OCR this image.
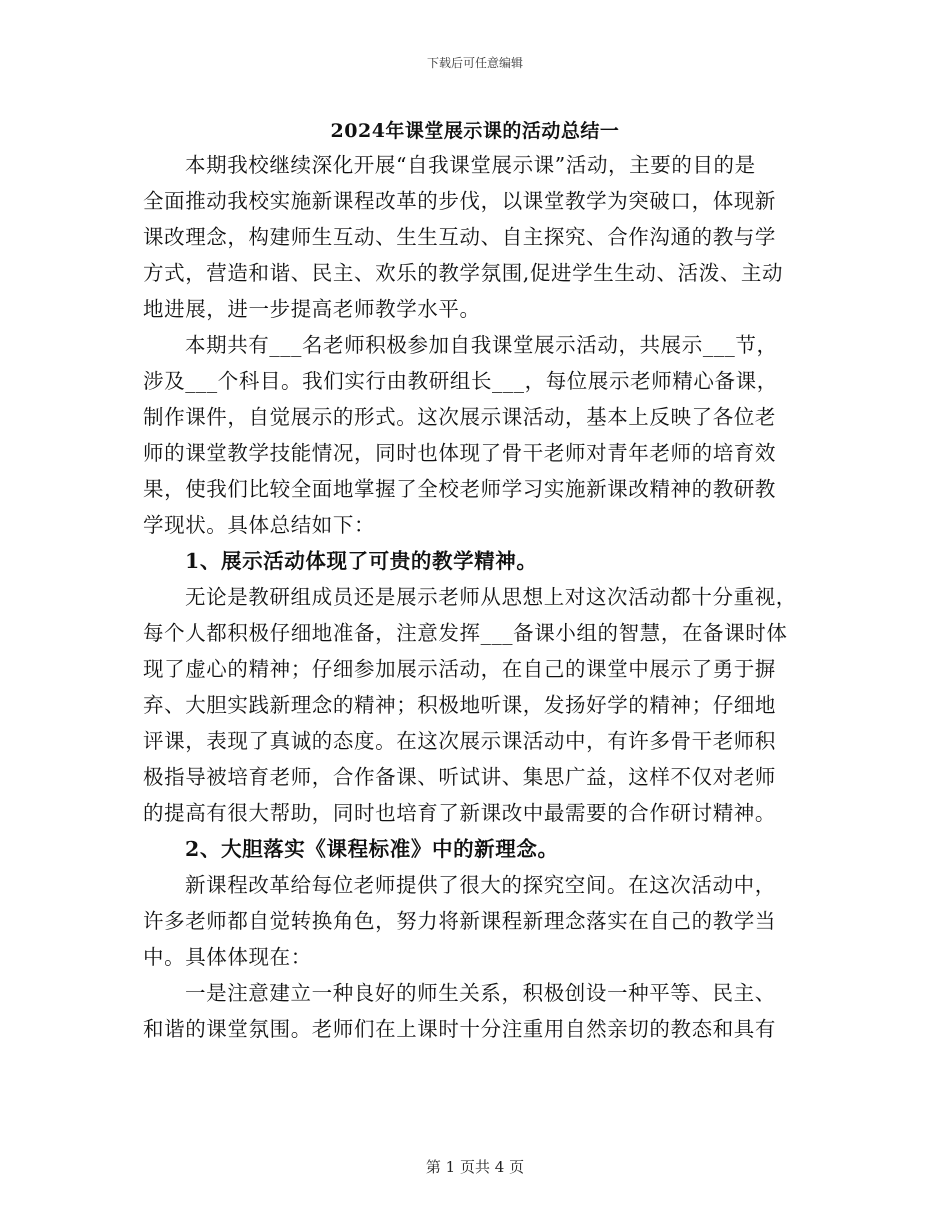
下载后可任意编辑
2024年课堂展示课的活动总结一
本期我校继续深化开展“自我课堂展示课”活动，主要的目的是
全面推动我校实施新课程改革的步伐，以课堂教学为突破口，体现新
课改理念，构建师生互动、生生互动、自主探究、合作沟通的教与学
方式，营造和谐、民主、欢乐的教学氛围,促进学生生动、活泼、主动
地进展，进一步提高老师教学水平。
本期共有___名老师积极参加自我课堂展示活动，共展示___节，
涉及___个科目。我们实行由教研组长___，每位展示老师精心备课，
制作课件，自觉展示的形式。这次展示课活动，基本上反映了各位老
师的课堂教学技能情况，同时也体现了骨干老师对青年老师的培育效
果，使我们比较全面地掌握了全校老师学习实施新课改精神的教研教
学现状。具体总结如下：
1、展示活动体现了可贵的教学精神。
无论是教研组成员还是展示老师从思想上对这次活动都十分重视，
每个人都积极仔细地准备，注意发挥___备课小组的智慧，在备课时体
现了虚心的精神；仔细参加展示活动，在自己的课堂中展示了勇于摒
弃、大胆实践新理念的精神；积极地听课，发扬好学的精神；仔细地
评课，表现了真诚的态度。在这次展示课活动中，有许多骨干老师积
极指导被培育老师，合作备课、听试讲、集思广益，这样不仅对老师
的提高有很大帮助，同时也培育了新课改中最需要的合作研讨精神。
2、大胆落实《课程标准》中的新理念。
新课程改革给每位老师提供了很大的探究空间。在这次活动中，
许多老师都自觉转换角色，努力将新课程新理念落实在自己的教学当
中。具体体现在：
一是注意建立一种良好的师生关系，积极创设一种平等、民主、
和谐的课堂氛围。老师们在上课时十分注重用自然亲切的教态和具有
第 1 页共 4 页
